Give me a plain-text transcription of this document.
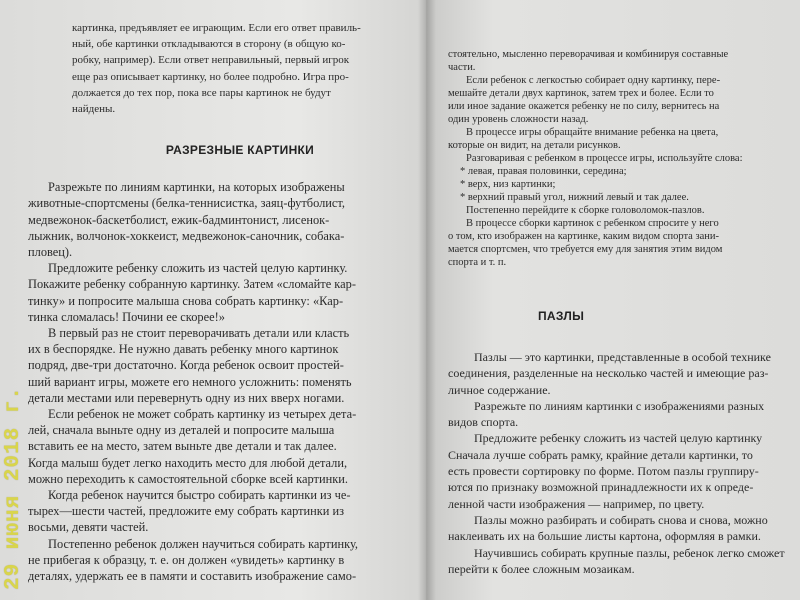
картинка, предъявляет ее играющим. Если его ответ правиль-

ный, обе картинки откладываются в сторону (в общую ко-

робку, например). Если ответ неправильный, первый игрок

еще раз описывает картинку, но более подробно. Игра про-

должается до тех пор, пока все пары картинок не будут

найдены.

РАЗРЕЗНЫЕ КАРТИНКИ

Разрежьте по линиям картинки, на которых изображены

животные-спортсмены (белка-теннисистка, заяц-футболист,

медвежонок-баскетболист, ежик-бадминтонист, лисенок-

лыжник, волчонок-хоккеист, медвежонок-саночник, собака-

пловец).

Предложите ребенку сложить из частей целую картинку.

Покажите ребенку собранную картинку. Затем «сломайте кар-

тинку» и попросите малыша снова собрать картинку: «Кар-

тинка сломалась! Почини ее скорее!»

В первый раз не стоит переворачивать детали или класть

их в беспорядке. Не нужно давать ребенку много картинок

подряд, две-три достаточно. Когда ребенок освоит простей-

ший вариант игры, можете его немного усложнить: поменять

детали местами или перевернуть одну из них вверх ногами.

Если ребенок не может собрать картинку из четырех дета-

лей, сначала выньте одну из деталей и попросите малыша

вставить ее на место, затем выньте две детали и так далее.

Когда малыш будет легко находить место для любой детали,

можно переходить к самостоятельной сборке всей картинки.

Когда ребенок научится быстро собирать картинки из че-

тырех—шести частей, предложите ему собрать картинки из

восьми, девяти частей.

Постепенно ребенок должен научиться собирать картинку,

не прибегая к образцу, т. е. он должен «увидеть» картинку в

деталях, удержать ее в памяти и составить изображение само-

стоятельно, мысленно переворачивая и комбинируя составные

части.

Если ребенок с легкостью собирает одну картинку, пере-

мешайте детали двух картинок, затем трех и более. Если то

или иное задание окажется ребенку не по силу, вернитесь на

один уровень сложности назад.

В процессе игры обращайте внимание ребенка на цвета,

которые он видит, на детали рисунков.

Разговаривая с ребенком в процессе игры, используйте слова:

* левая, правая половинки, середина;

* верх, низ картинки;

* верхний правый угол, нижний левый и так далее.

Постепенно перейдите к сборке головоломок-пазлов.

В процессе сборки картинок с ребенком спросите у него

о том, кто изображен на картинке, каким видом спорта зани-

мается спортсмен, что требуется ему для занятия этим видом

спорта и т. п.

ПАЗЛЫ

Пазлы — это картинки, представленные в особой технике

соединения, разделенные на несколько частей и имеющие раз-

личное содержание.

Разрежьте по линиям картинки с изображениями разных

видов спорта.

Предложите ребенку сложить из частей целую картинку

Сначала лучше собрать рамку, крайние детали картинки, то

есть провести сортировку по форме. Потом пазлы группиру-

ются по признаку возможной принадлежности их к опреде-

ленной части изображения — например, по цвету.

Пазлы можно разбирать и собирать снова и снова, можно

наклеивать их на большие листы картона, оформляя в рамки.

Научившись собирать крупные пазлы, ребенок легко сможет

перейти к более сложным мозаикам.

29 июня 2018 г.
